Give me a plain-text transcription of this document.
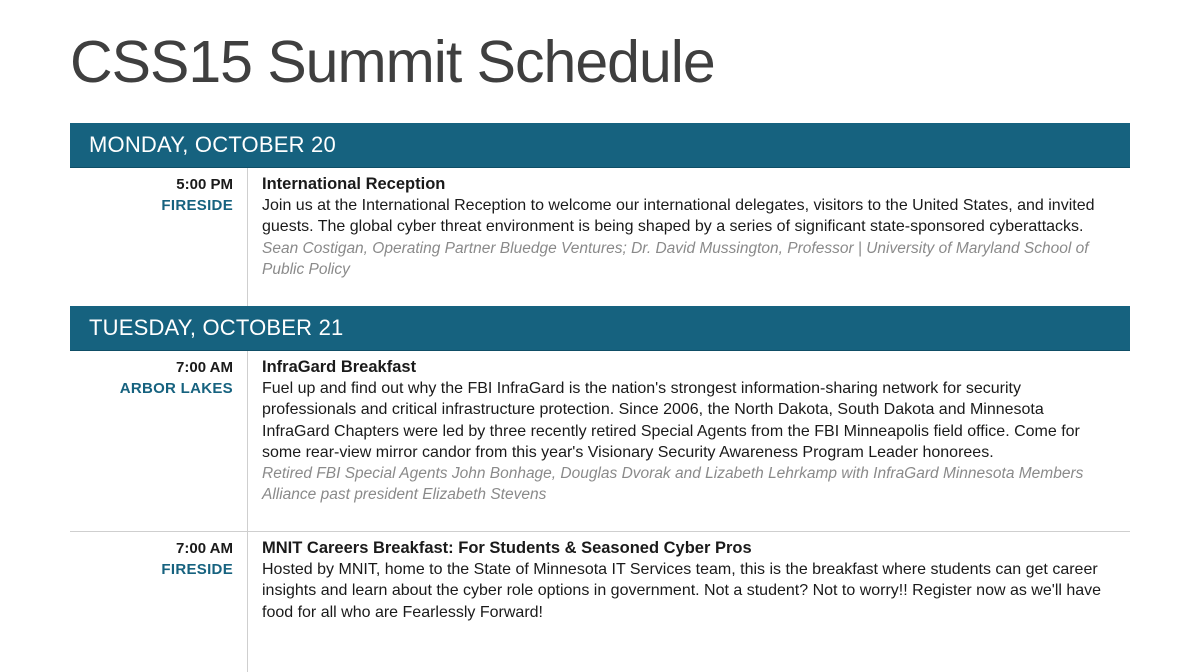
CSS15 Summit Schedule
MONDAY, OCTOBER 20
5:00 PM
FIRESIDE
International Reception
Join us at the International Reception to welcome our international delegates, visitors to the United States, and invited guests. The global cyber threat environment is being shaped by a series of significant state-sponsored cyberattacks.
Sean Costigan, Operating Partner Bluedge Ventures; Dr. David Mussington, Professor | University of Maryland School of Public Policy
TUESDAY, OCTOBER 21
7:00 AM
ARBOR LAKES
InfraGard Breakfast
Fuel up and find out why the FBI InfraGard is the nation's strongest information-sharing network for security professionals and critical infrastructure protection. Since 2006, the North Dakota, South Dakota and Minnesota InfraGard Chapters were led by three recently retired Special Agents from the FBI Minneapolis field office. Come for some rear-view mirror candor from this year's Visionary Security Awareness Program Leader honorees.
Retired FBI Special Agents John Bonhage, Douglas Dvorak and Lizabeth Lehrkamp with InfraGard Minnesota Members Alliance past president Elizabeth Stevens
7:00 AM
FIRESIDE
MNIT Careers Breakfast: For Students & Seasoned Cyber Pros
Hosted by MNIT, home to the State of Minnesota IT Services team, this is the breakfast where students can get career insights and learn about the cyber role options in government. Not a student? Not to worry!! Register now as we'll have food for all who are Fearlessly Forward!
